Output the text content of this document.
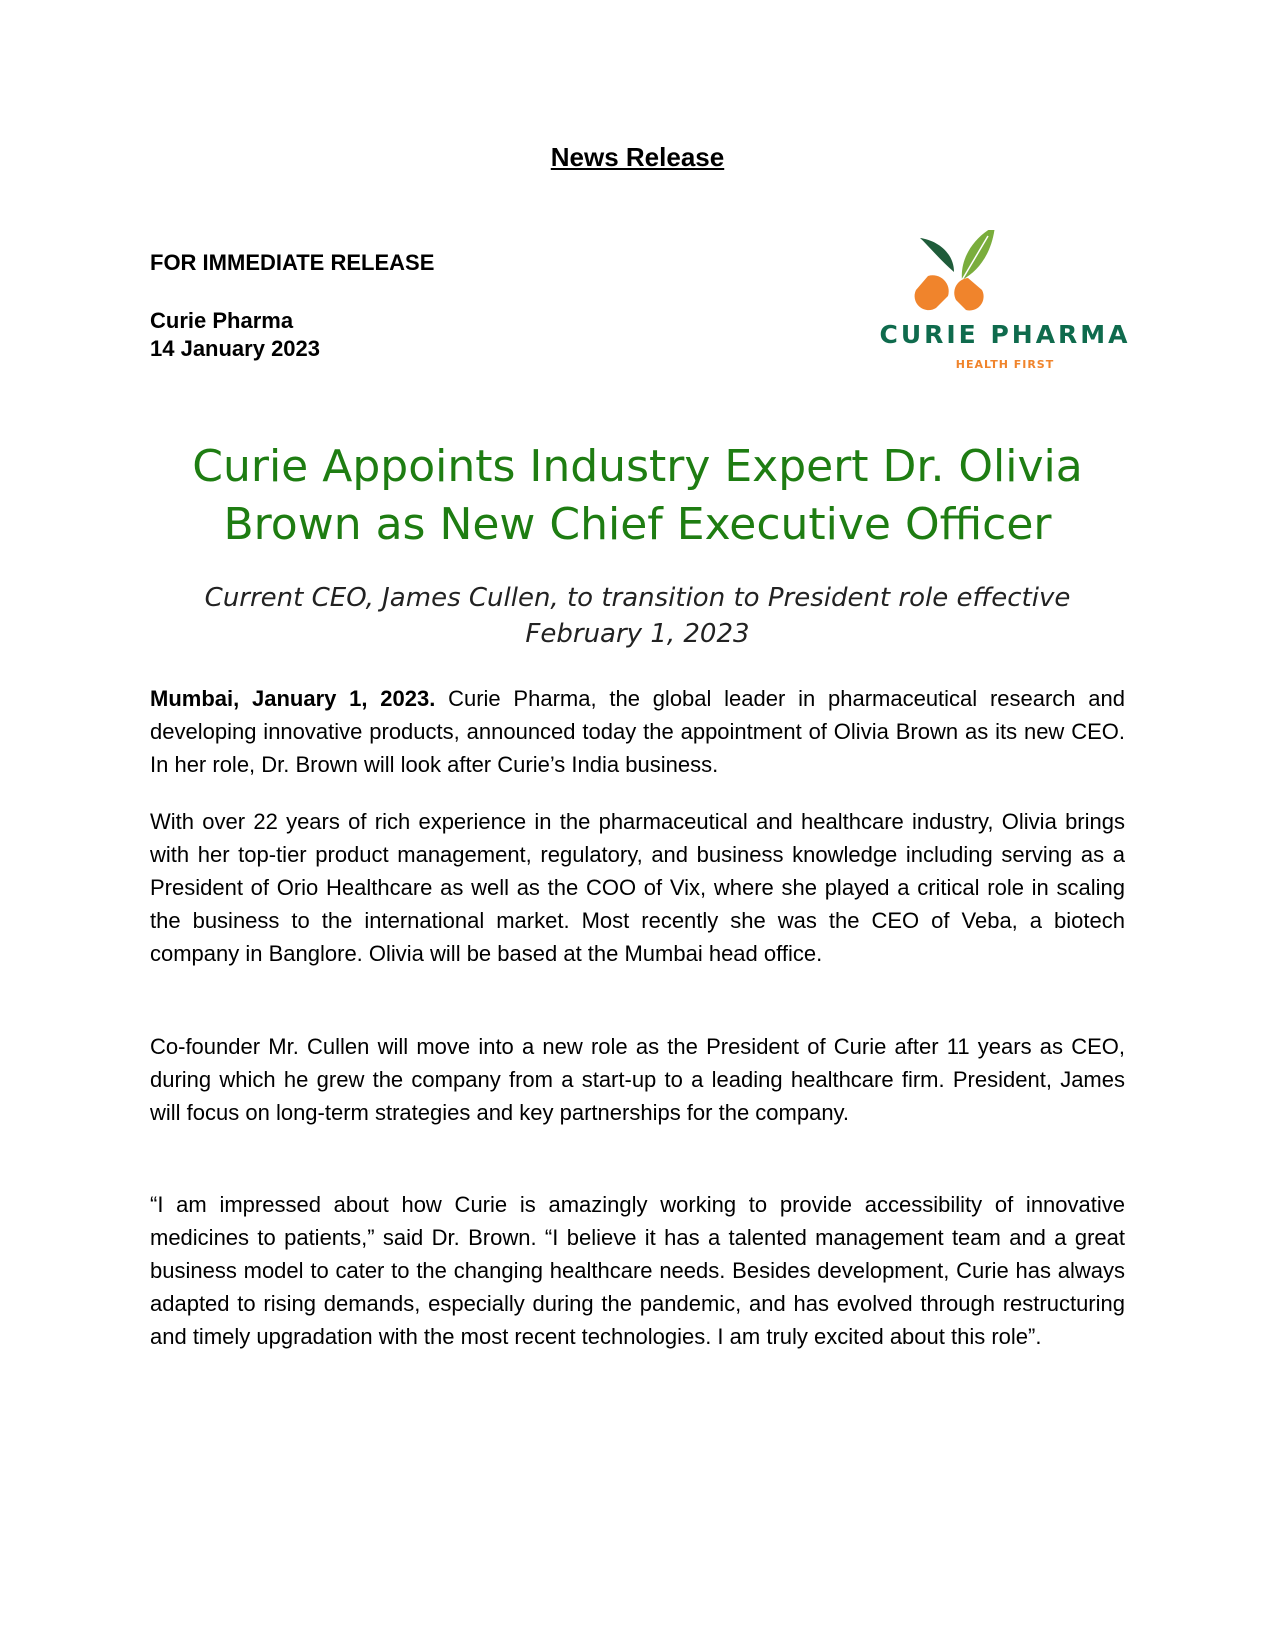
News Release
FOR IMMEDIATE RELEASE
Curie Pharma
14 January 2023	CURIE PHARMA
HEALTH FIRST
Curie Appoints Industry Expert Dr. Olivia Brown as New Chief Executive Officer
Current CEO, James Cullen, to transition to President role effective February 1, 2023
Mumbai, January 1, 2023. Curie Pharma, the global leader in pharmaceutical research and developing innovative products, announced today the appointment of Olivia Brown as its new CEO. In her role, Dr. Brown will look after Curie’s India business.
With over 22 years of rich experience in the pharmaceutical and healthcare industry, Olivia brings with her top-tier product management, regulatory, and business knowledge including serving as a President of Orio Healthcare as well as the COO of Vix, where she played a critical role in scaling the business to the international market. Most recently she was the CEO of Veba, a biotech company in Banglore. Olivia will be based at the Mumbai head office.
Co-founder Mr. Cullen will move into a new role as the President of Curie after 11 years as CEO, during which he grew the company from a start-up to a leading healthcare firm. President, James will focus on long-term strategies and key partnerships for the company.
“I am impressed about how Curie is amazingly working to provide accessibility of innovative medicines to patients,” said Dr. Brown. “I believe it has a talented management team and a great business model to cater to the changing healthcare needs. Besides development, Curie has always adapted to rising demands, especially during the pandemic, and has evolved through restructuring and timely upgradation with the most recent technologies. I am truly excited about this role”.
